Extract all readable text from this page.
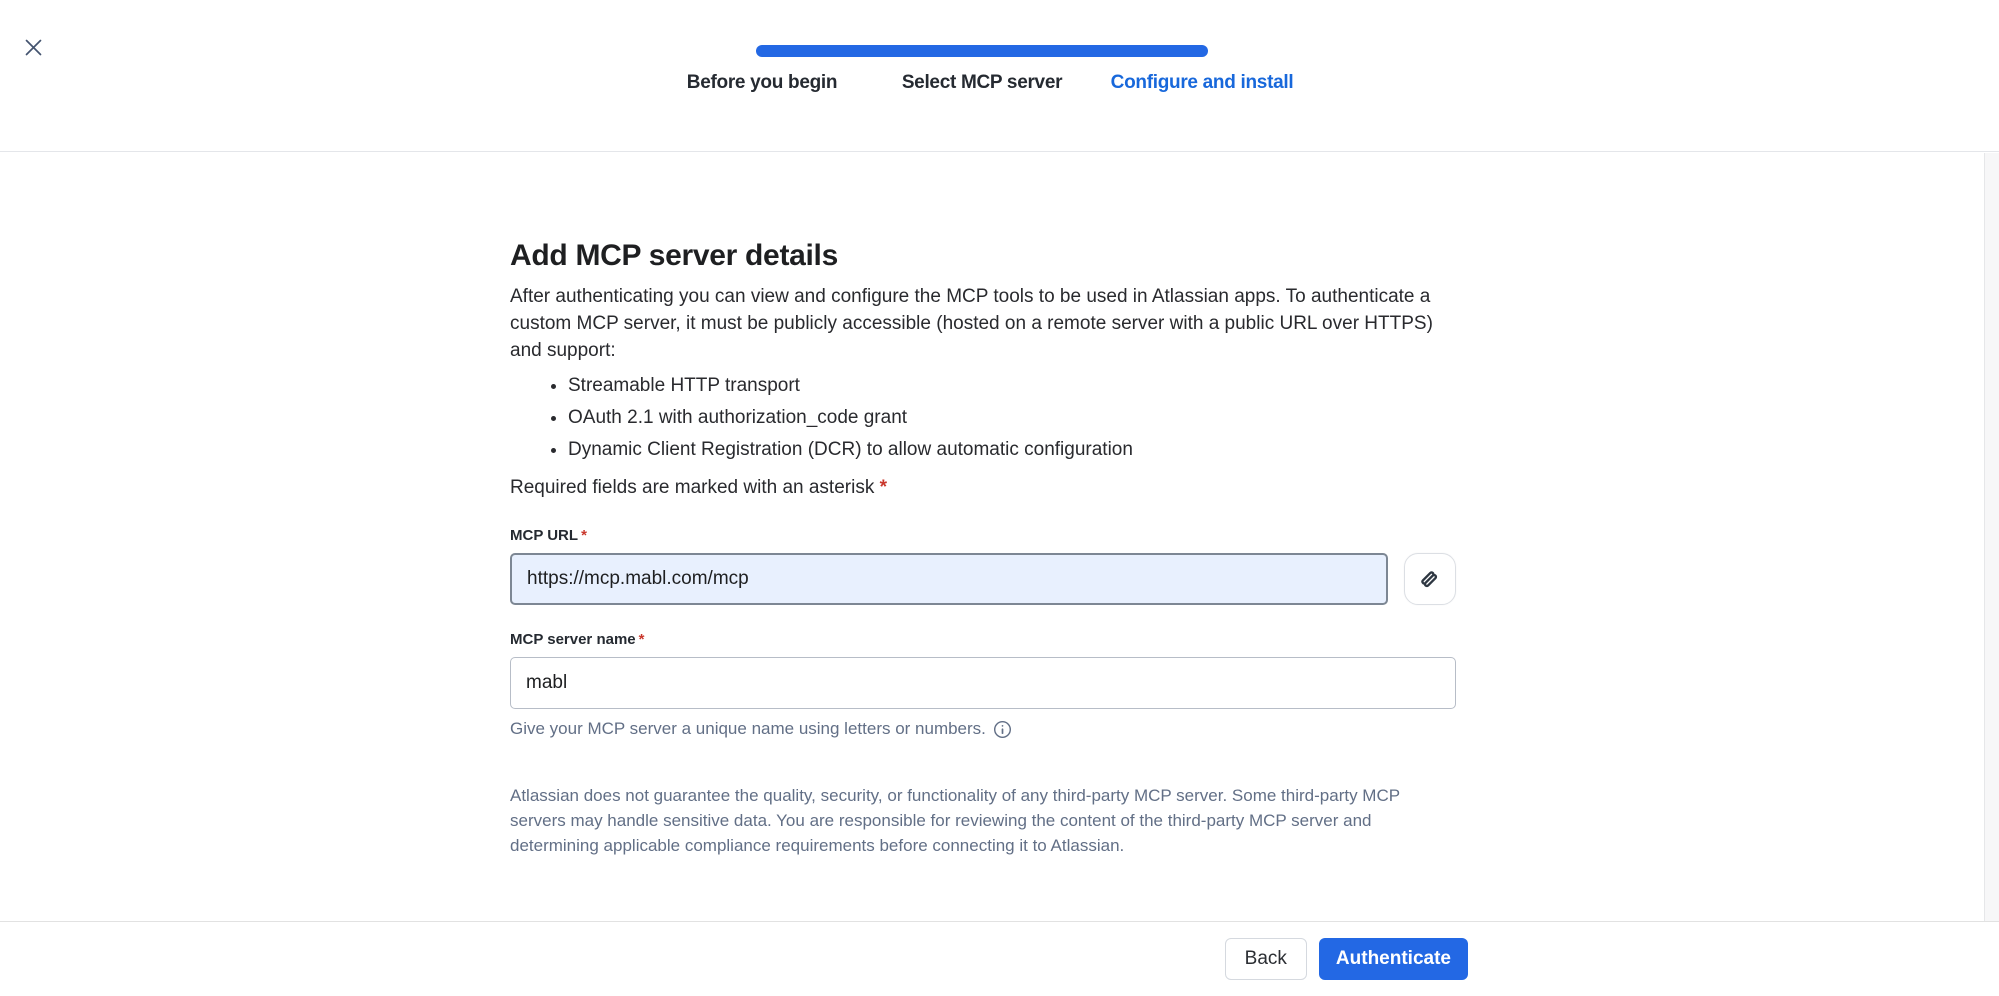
Before you begin	Select MCP server	Configure and install
Add MCP server details

After authenticating you can view and configure the MCP tools to be used in Atlassian apps. To authenticate a custom MCP server, it must be publicly accessible (hosted on a remote server with a public URL over HTTPS) and support:

• Streamable HTTP transport
• OAuth 2.1 with authorization_code grant
• Dynamic Client Registration (DCR) to allow automatic configuration

Required fields are marked with an asterisk *

MCP URL *
https://mcp.mabl.com/mcp
MCP server name *
mabl
Give your MCP server a unique name using letters or numbers.

Atlassian does not guarantee the quality, security, or functionality of any third-party MCP server. Some third-party MCP servers may handle sensitive data. You are responsible for reviewing the content of the third-party MCP server and determining applicable compliance requirements before connecting it to Atlassian.

Back	Authenticate
